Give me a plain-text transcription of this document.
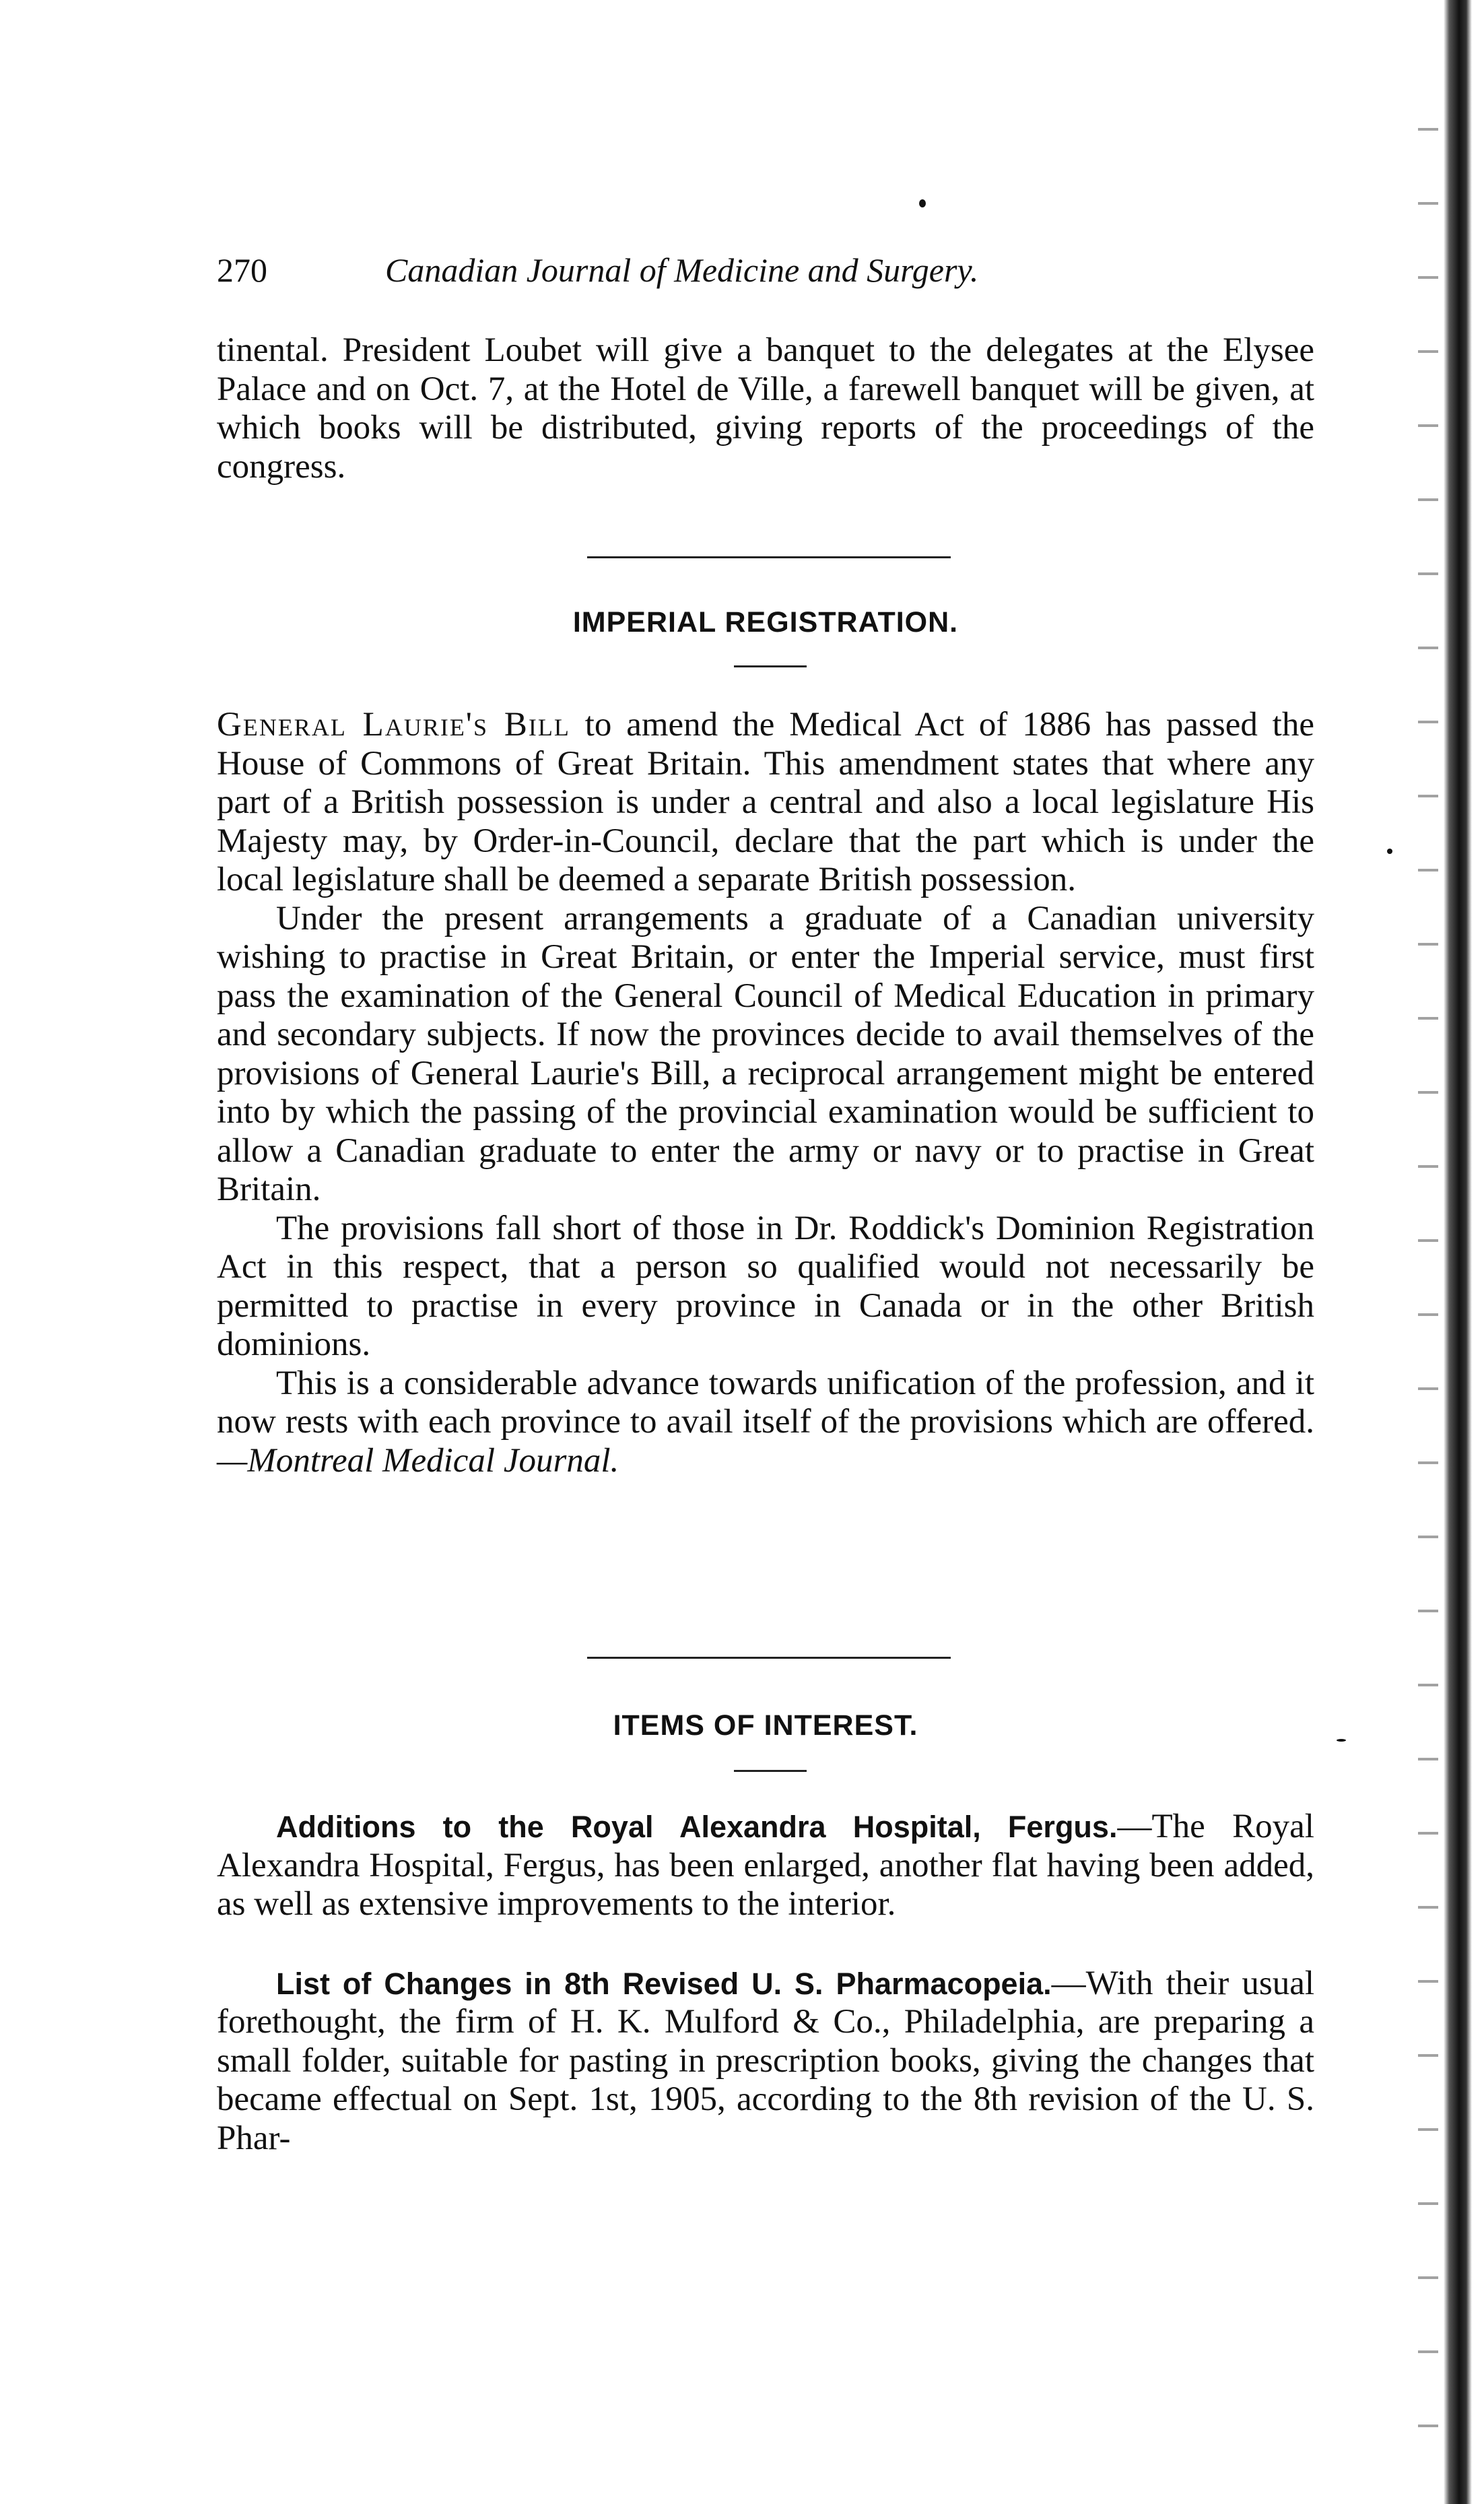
270	Canadian Journal of Medicine and Surgery.

tinental. President Loubet will give a banquet to the delegates at the Elysee Palace and on Oct. 7, at the Hotel de Ville, a farewell banquet will be given, at which books will be distributed, giving reports of the proceedings of the congress.

IMPERIAL REGISTRATION.

General Laurie's Bill to amend the Medical Act of 1886 has passed the House of Commons of Great Britain. This amendment states that where any part of a British possession is under a central and also a local legislature His Majesty may, by Order-in-Council, declare that the part which is under the local legislature shall be deemed a separate British possession.

Under the present arrangements a graduate of a Canadian university wishing to practise in Great Britain, or enter the Imperial service, must first pass the examination of the General Council of Medical Education in primary and secondary subjects. If now the provinces decide to avail themselves of the provisions of General Laurie's Bill, a reciprocal arrangement might be entered into by which the passing of the provincial examination would be sufficient to allow a Canadian graduate to enter the army or navy or to practise in Great Britain.

The provisions fall short of those in Dr. Roddick's Dominion Registration Act in this respect, that a person so qualified would not necessarily be permitted to practise in every province in Canada or in the other British dominions.

This is a considerable advance towards unification of the profession, and it now rests with each province to avail itself of the provisions which are offered.—Montreal Medical Journal.

ITEMS OF INTEREST.

Additions to the Royal Alexandra Hospital, Fergus.—The Royal Alexandra Hospital, Fergus, has been enlarged, another flat having been added, as well as extensive improvements to the interior.

List of Changes in 8th Revised U. S. Pharmacopeia.—With their usual forethought, the firm of H. K. Mulford & Co., Philadelphia, are preparing a small folder, suitable for pasting in prescription books, giving the changes that became effectual on Sept. 1st, 1905, according to the 8th revision of the U. S. Phar-
